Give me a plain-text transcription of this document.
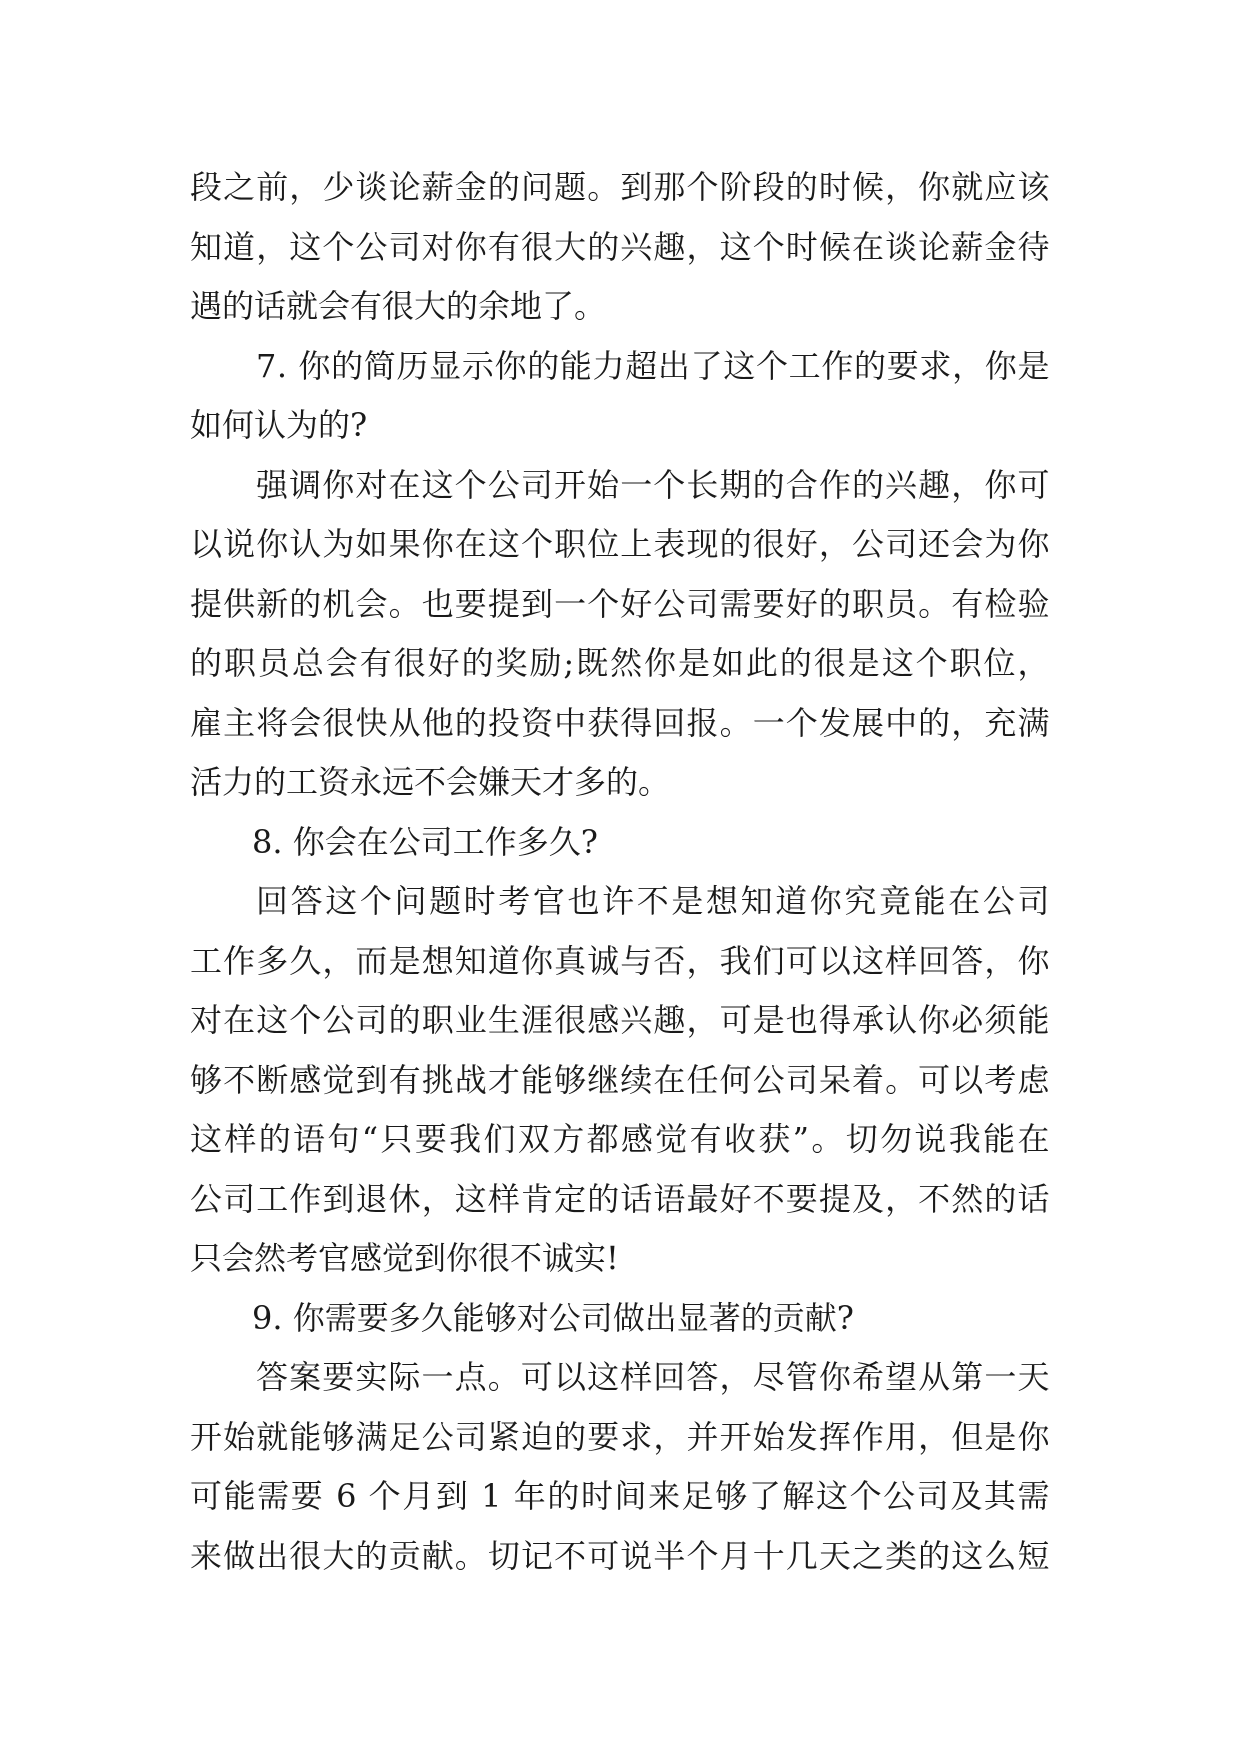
段之前，少谈论薪金的问题。到那个阶段的时候，你就应该
知道，这个公司对你有很大的兴趣，这个时候在谈论薪金待
遇的话就会有很大的余地了。
7. 你的简历显示你的能力超出了这个工作的要求，你是
如何认为的?
强调你对在这个公司开始一个长期的合作的兴趣，你可
以说你认为如果你在这个职位上表现的很好，公司还会为你
提供新的机会。也要提到一个好公司需要好的职员。有检验
的职员总会有很好的奖励;既然你是如此的很是这个职位，
雇主将会很快从他的投资中获得回报。一个发展中的，充满
活力的工资永远不会嫌天才多的。
8. 你会在公司工作多久?
回答这个问题时考官也许不是想知道你究竟能在公司
工作多久，而是想知道你真诚与否，我们可以这样回答，你
对在这个公司的职业生涯很感兴趣，可是也得承认你必须能
够不断感觉到有挑战才能够继续在任何公司呆着。可以考虑
这样的语句“只要我们双方都感觉有收获”。切勿说我能在
公司工作到退休，这样肯定的话语最好不要提及，不然的话
只会然考官感觉到你很不诚实!
9. 你需要多久能够对公司做出显著的贡献?
答案要实际一点。可以这样回答，尽管你希望从第一天
开始就能够满足公司紧迫的要求，并开始发挥作用，但是你
可能需要 6 个月到 1 年的时间来足够了解这个公司及其需
来做出很大的贡献。切记不可说半个月十几天之类的这么短
